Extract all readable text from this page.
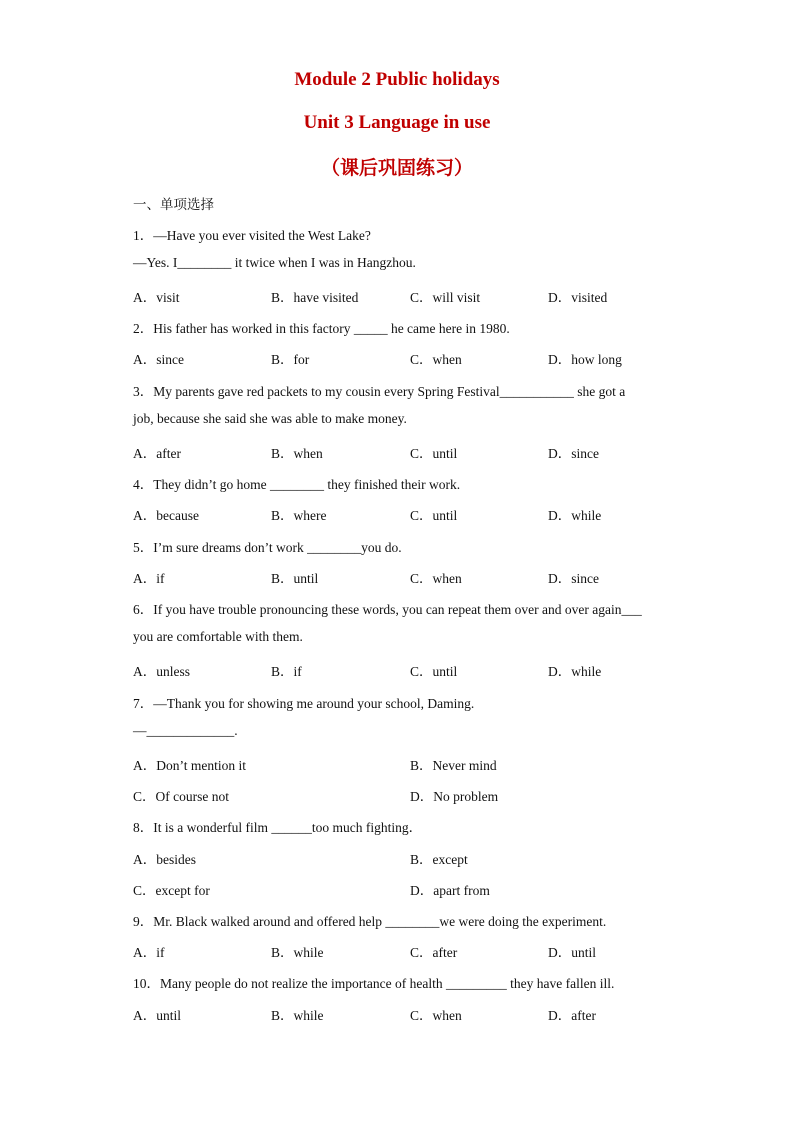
Module 2 Public holidays
Unit 3 Language in use
（课后巩固练习）
一、单项选择
1．—Have you ever visited the West Lake?
—Yes. I________ it twice when I was in Hangzhou.
A．visit	B．have visited	C．will visit	D．visited
2．His father has worked in this factory _____ he came here in 1980.
A．since	B．for	C．when	D．how long
3．My parents gave red packets to my cousin every Spring Festival___________ she got a
job, because she said she was able to make money.
A．after	B．when	C．until	D．since
4．They didn’t go home ________ they finished their work.
A．because	B．where	C．until	D．while
5．I’m sure dreams don’t work ________you do.
A．if	B．until	C．when	D．since
6．If you have trouble pronouncing these words, you can repeat them over and over again___
you are comfortable with them.
A．unless	B．if	C．until	D．while
7．—Thank you for showing me around your school, Daming.
—_____________.
A．Don’t mention it	B．Never mind
C．Of course not	D．No problem
8．It is a wonderful film ______too much fighting．
A．besides	B．except
C．except for	D．apart from
9．Mr. Black walked around and offered help ________we were doing the experiment.
A．if	B．while	C．after	D．until
10．Many people do not realize the importance of health _________ they have fallen ill.
A．until	B．while	C．when	D．after
